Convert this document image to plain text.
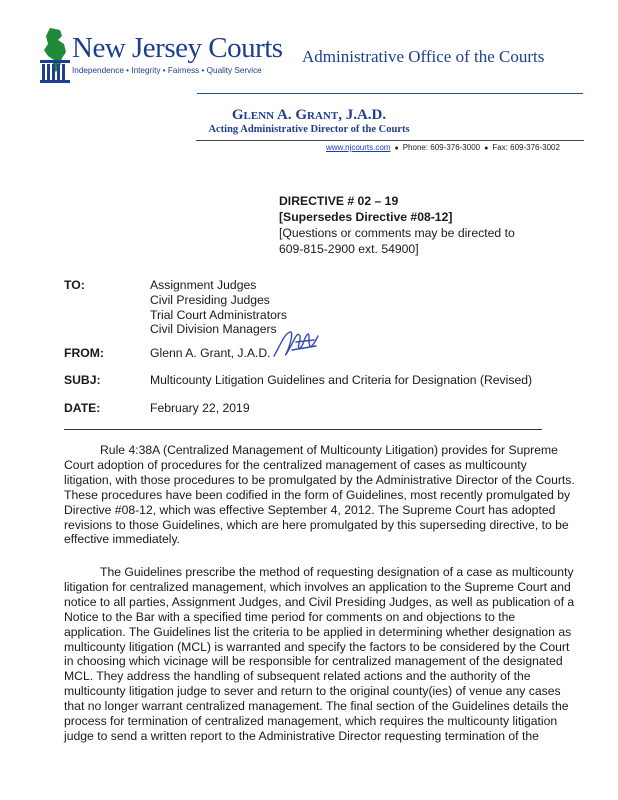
New Jersey Courts
Independence • Integrity • Fairness • Quality Service
Administrative Office of the Courts
Glenn A. Grant, J.A.D.
Acting Administrative Director of the Courts
www.njcourts.com ● Phone: 609-376-3000 ● Fax: 609-376-3002
DIRECTIVE # 02 – 19
[Supersedes Directive #08-12]
[Questions or comments may be directed to
609-815-2900 ext. 54900]
TO:	Assignment Judges
Civil Presiding Judges
Trial Court Administrators
Civil Division Managers
FROM:	Glenn A. Grant, J.A.D.
SUBJ:	Multicounty Litigation Guidelines and Criteria for Designation (Revised)
DATE:	February 22, 2019
Rule 4:38A (Centralized Management of Multicounty Litigation) provides for Supreme
Court adoption of procedures for the centralized management of cases as multicounty
litigation, with those procedures to be promulgated by the Administrative Director of the Courts.
These procedures have been codified in the form of Guidelines, most recently promulgated by
Directive #08-12, which was effective September 4, 2012. The Supreme Court has adopted
revisions to those Guidelines, which are here promulgated by this superseding directive, to be
effective immediately.
The Guidelines prescribe the method of requesting designation of a case as multicounty
litigation for centralized management, which involves an application to the Supreme Court and
notice to all parties, Assignment Judges, and Civil Presiding Judges, as well as publication of a
Notice to the Bar with a specified time period for comments on and objections to the
application. The Guidelines list the criteria to be applied in determining whether designation as
multicounty litigation (MCL) is warranted and specify the factors to be considered by the Court
in choosing which vicinage will be responsible for centralized management of the designated
MCL. They address the handling of subsequent related actions and the authority of the
multicounty litigation judge to sever and return to the original county(ies) of venue any cases
that no longer warrant centralized management. The final section of the Guidelines details the
process for termination of centralized management, which requires the multicounty litigation
judge to send a written report to the Administrative Director requesting termination of the
